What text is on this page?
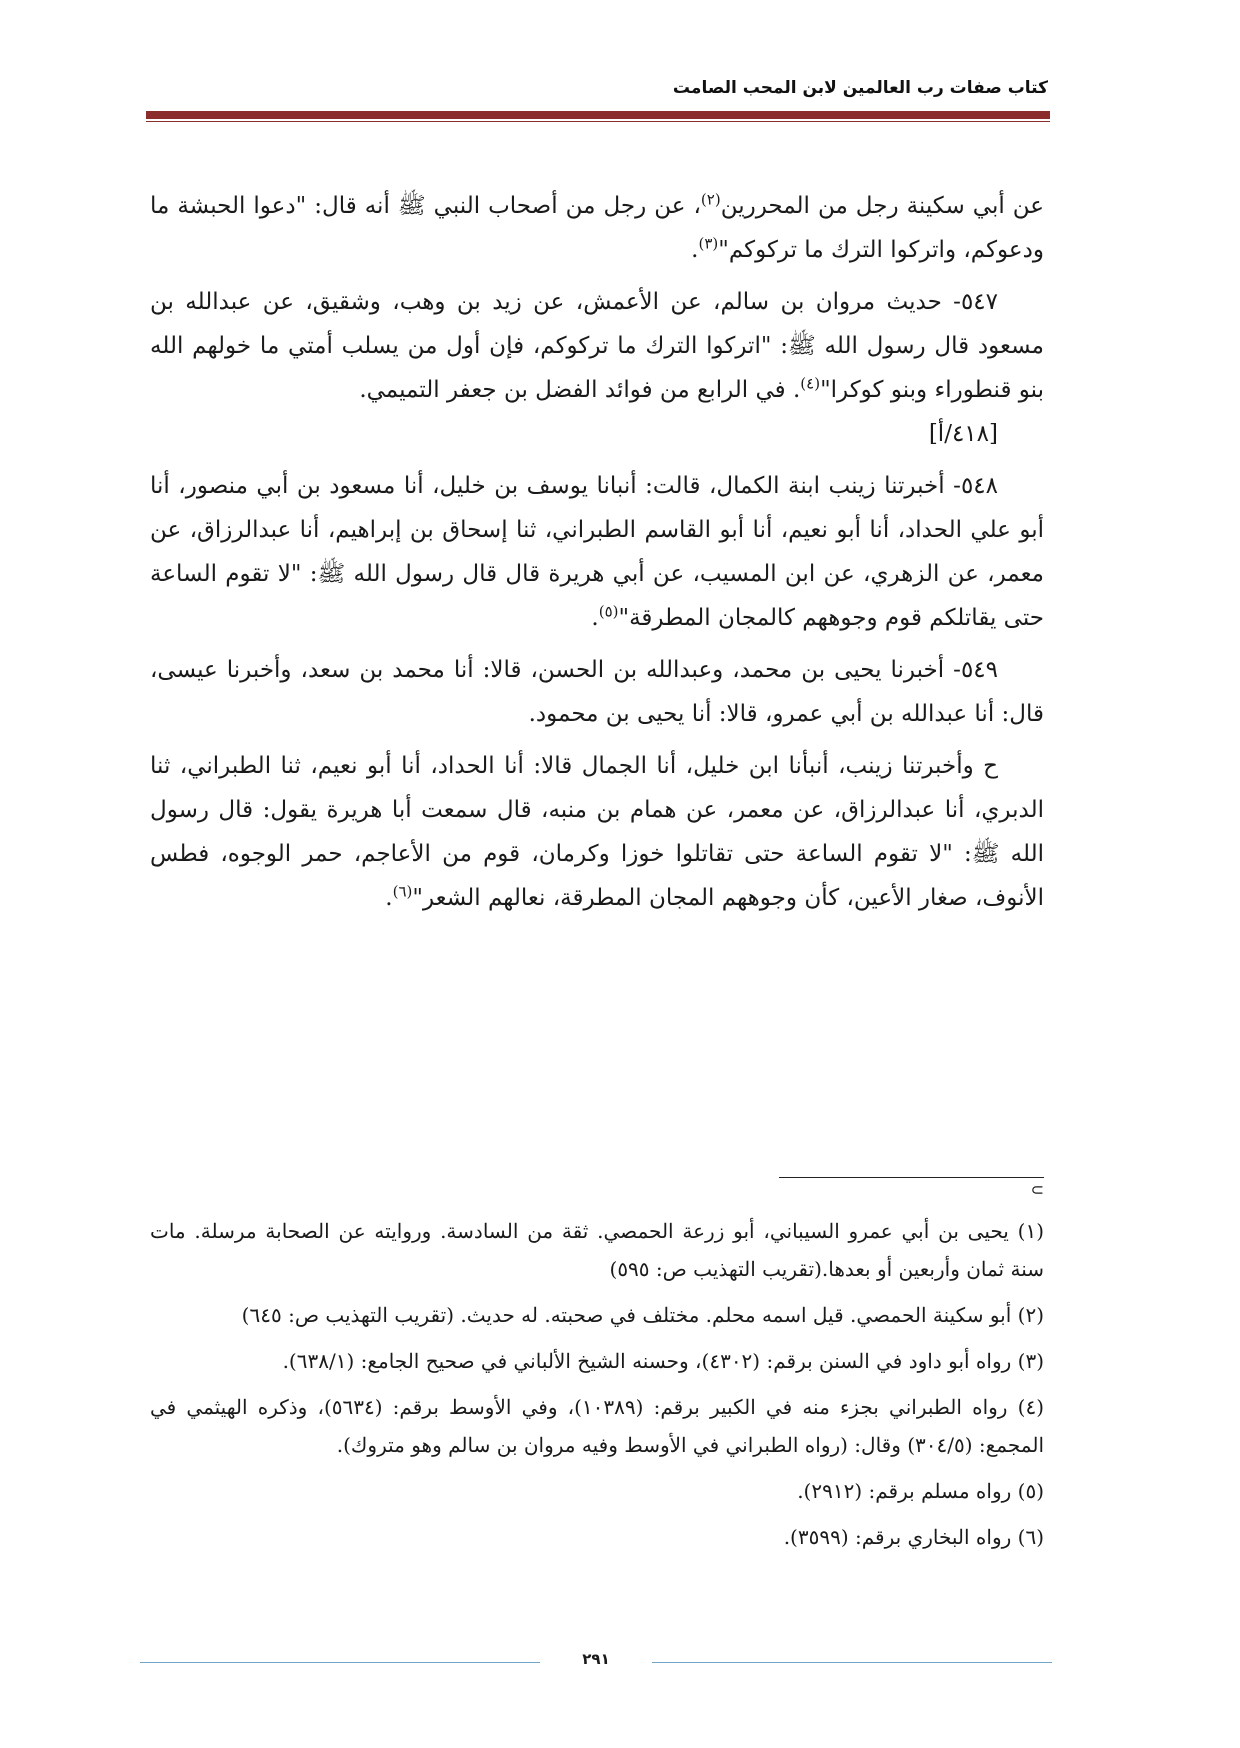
كتاب صفات رب العالمين لابن المحب الصامت

عن أبي سكينة رجل من المحررين$^{(٢)}$، عن رجل من أصحاب النبي ﷺ أنه قال: "دعوا الحبشة ما ودعوكم، واتركوا الترك ما تركوكم"$^{(٣)}$.

٥٤٧- حديث مروان بن سالم، عن الأعمش، عن زيد بن وهب، وشقيق، عن عبدالله بن مسعود قال رسول الله ﷺ: "اتركوا الترك ما تركوكم، فإن أول من يسلب أمتي ما خولهم الله بنو قنطوراء وبنو كوكرا"$^{(٤)}$. في الرابع من فوائد الفضل بن جعفر التميمي.
[٤١٨/أ]

٥٤٨- أخبرتنا زينب ابنة الكمال، قالت: أنبانا يوسف بن خليل، أنا مسعود بن أبي منصور، أنا أبو علي الحداد، أنا أبو نعيم، أنا أبو القاسم الطبراني، ثنا إسحاق بن إبراهيم، أنا عبدالرزاق، عن معمر، عن الزهري، عن ابن المسيب، عن أبي هريرة قال قال رسول الله ﷺ: "لا تقوم الساعة حتى يقاتلكم قوم وجوههم كالمجان المطرقة"$^{(٥)}$.

٥٤٩- أخبرنا يحيى بن محمد، وعبدالله بن الحسن، قالا: أنا محمد بن سعد، وأخبرنا عيسى، قال: أنا عبدالله بن أبي عمرو، قالا: أنا يحيى بن محمود.

ح وأخبرتنا زينب، أنبأنا ابن خليل، أنا الجمال قالا: أنا الحداد، أنا أبو نعيم، ثنا الطبراني، ثنا الدبري، أنا عبدالرزاق، عن معمر، عن همام بن منبه، قال سمعت أبا هريرة يقول: قال رسول الله ﷺ: "لا تقوم الساعة حتى تقاتلوا خوزا وكرمان، قوم من الأعاجم، حمر الوجوه، فطس الأنوف، صغار الأعين، كأن وجوههم المجان المطرقة، نعالهم الشعر"$^{(٦)}$.

⊃

(١) يحيى بن أبي عمرو السيباني، أبو زرعة الحمصي. ثقة من السادسة. وروايته عن الصحابة مرسلة. مات سنة ثمان وأربعين أو بعدها.(تقريب التهذيب ص: ٥٩٥)

(٢) أبو سكينة الحمصي. قيل اسمه محلم. مختلف في صحبته. له حديث. (تقريب التهذيب ص: ٦٤٥)

(٣) رواه أبو داود في السنن برقم: (٤٣٠٢)، وحسنه الشيخ الألباني في صحيح الجامع: (٦٣٨/١).

(٤) رواه الطبراني بجزء منه في الكبير برقم: (١٠٣٨٩)، وفي الأوسط برقم: (٥٦٣٤)، وذكره الهيثمي في المجمع: (٣٠٤/٥) وقال: (رواه الطبراني في الأوسط وفيه مروان بن سالم وهو متروك).

(٥) رواه مسلم برقم: (٢٩١٢).

(٦) رواه البخاري برقم: (٣٥٩٩).

٢٩١
